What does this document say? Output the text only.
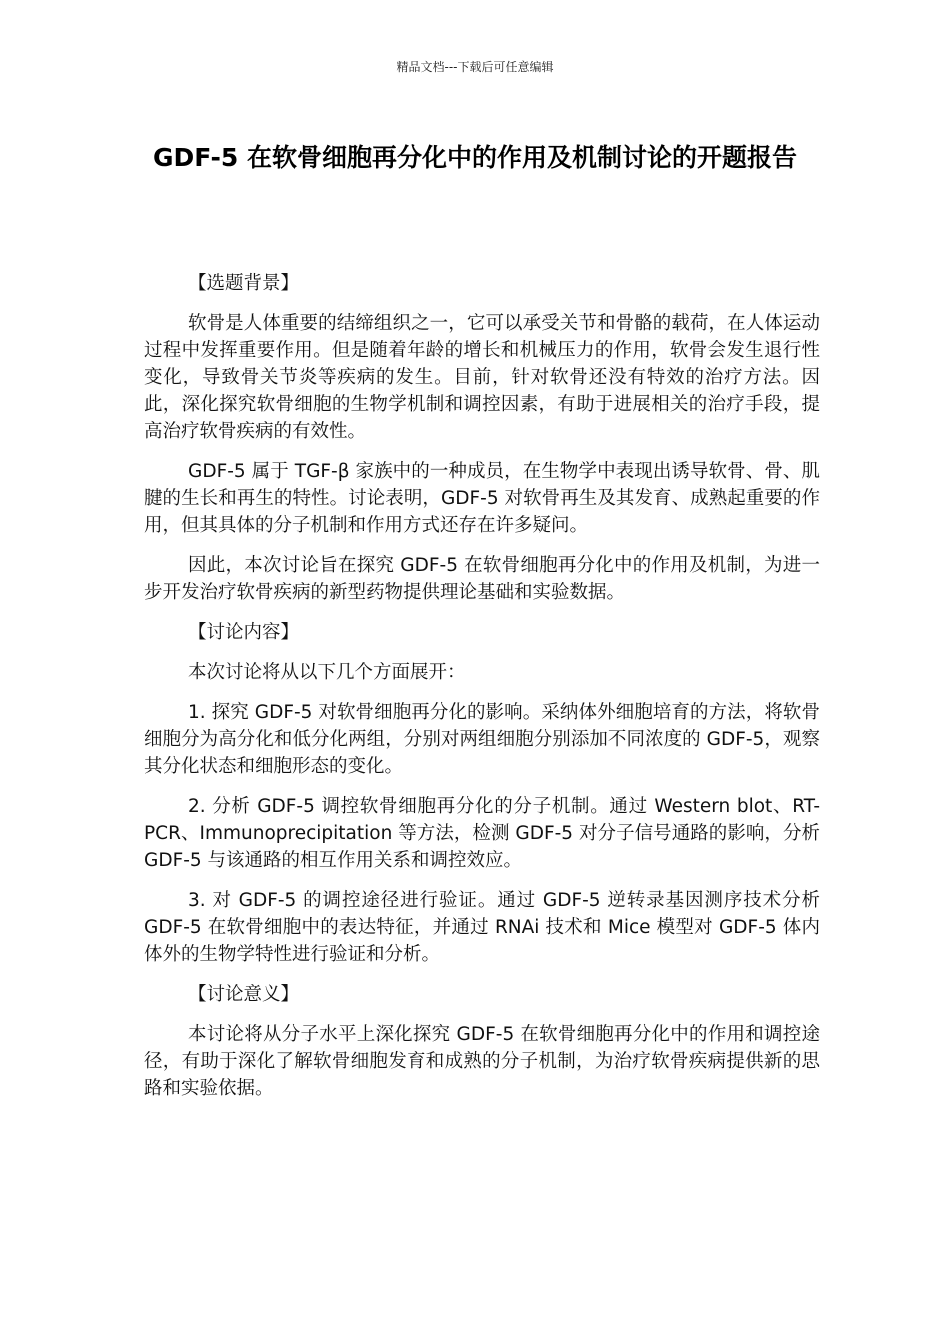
精品文档---下载后可任意编辑
GDF-5 在软骨细胞再分化中的作用及机制讨论的开题报告
【选题背景】

软骨是人体重要的结缔组织之一，它可以承受关节和骨骼的载荷，在人体运动过程中发挥重要作用。但是随着年龄的增长和机械压力的作用，软骨会发生退行性变化，导致骨关节炎等疾病的发生。目前，针对软骨还没有特效的治疗方法。因此，深化探究软骨细胞的生物学机制和调控因素，有助于进展相关的治疗手段，提高治疗软骨疾病的有效性。

GDF-5 属于 TGF-β 家族中的一种成员，在生物学中表现出诱导软骨、骨、肌腱的生长和再生的特性。讨论表明，GDF-5 对软骨再生及其发育、成熟起重要的作用，但其具体的分子机制和作用方式还存在许多疑问。

因此，本次讨论旨在探究 GDF-5 在软骨细胞再分化中的作用及机制，为进一步开发治疗软骨疾病的新型药物提供理论基础和实验数据。

【讨论内容】

本次讨论将从以下几个方面展开：

1. 探究 GDF-5 对软骨细胞再分化的影响。采纳体外细胞培育的方法，将软骨细胞分为高分化和低分化两组，分别对两组细胞分别添加不同浓度的 GDF-5，观察其分化状态和细胞形态的变化。

2. 分析 GDF-5 调控软骨细胞再分化的分子机制。通过 Western blot、RT-PCR、Immunoprecipitation 等方法，检测 GDF-5 对分子信号通路的影响，分析 GDF-5 与该通路的相互作用关系和调控效应。

3. 对 GDF-5 的调控途径进行验证。通过 GDF-5 逆转录基因测序技术分析 GDF-5 在软骨细胞中的表达特征，并通过 RNAi 技术和 Mice 模型对 GDF-5 体内体外的生物学特性进行验证和分析。

【讨论意义】

本讨论将从分子水平上深化探究 GDF-5 在软骨细胞再分化中的作用和调控途径，有助于深化了解软骨细胞发育和成熟的分子机制，为治疗软骨疾病提供新的思路和实验依据。
